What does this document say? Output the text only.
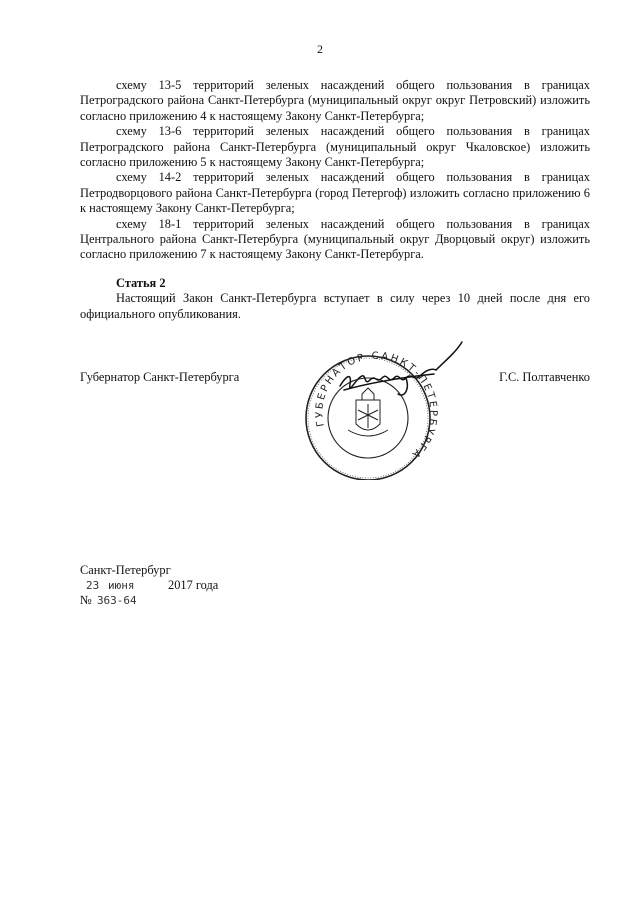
2

схему 13-5 территорий зеленых насаждений общего пользования в границах Петроградского района Санкт-Петербурга (муниципальный округ округ Петровский) изложить согласно приложению 4 к настоящему Закону Санкт-Петербурга;

схему 13-6 территорий зеленых насаждений общего пользования в границах Петроградского района Санкт-Петербурга (муниципальный округ Чкаловское) изложить согласно приложению 5 к настоящему Закону Санкт-Петербурга;

схему 14-2 территорий зеленых насаждений общего пользования в границах Петродворцового района Санкт-Петербурга (город Петергоф) изложить согласно приложению 6 к настоящему Закону Санкт-Петербурга;

схему 18-1 территорий зеленых насаждений общего пользования в границах Центрального района Санкт-Петербурга (муниципальный округ Дворцовый округ) изложить согласно приложению 7 к настоящему Закону Санкт-Петербурга.

Статья 2

Настоящий Закон Санкт-Петербурга вступает в силу через 10 дней после дня его официального опубликования.

Губернатор Санкт-Петербурга	Г.С. Полтавченко
ГУБЕРНАТОР САНКТ-ПЕТЕРБУРГА
Санкт-Петербург
23 июня	2017 года
№ 363-64
